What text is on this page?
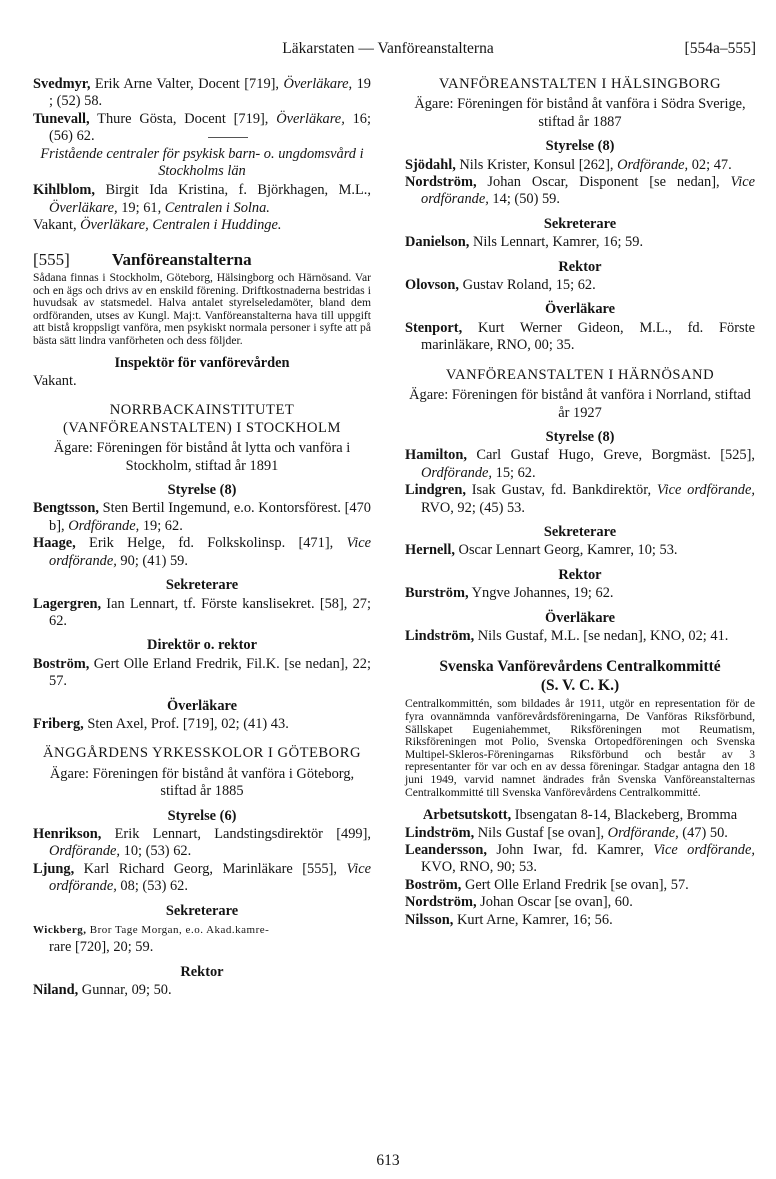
Läkarstaten — Vanföreanstalterna	[554a–555]

Svedmyr, Erik Arne Valter, Docent [719], Överläkare, 19 ; (52) 58.

Tunevall, Thure Gösta, Docent [719], Överläkare, 16; (56) 62.

Fristående centraler för psykisk barn- o. ungdomsvård i Stockholms län

Kihlblom, Birgit Ida Kristina, f. Björkhagen, M.L., Överläkare, 19; 61, Centralen i Solna.

Vakant, Överläkare, Centralen i Huddinge.

[555] Vanföreanstalterna

Sådana finnas i Stockholm, Göteborg, Hälsingborg och Härnösand. Var och en ägs och drivs av en enskild förening. Driftkostnaderna bestridas i huvudsak av statsmedel. Halva antalet styrelseledamöter, bland dem ordföranden, utses av Kungl. Maj:t. Vanföreanstalterna hava till uppgift att bistå kroppsligt vanföra, men psykiskt normala personer i syfte att på bästa sätt lindra vanförheten och dess följder.

Inspektör för vanförevården

Vakant.

NORRBACKAINSTITUTET (VANFÖREANSTALTEN) I STOCKHOLM

Ägare: Föreningen för bistånd åt lytta och vanföra i Stockholm, stiftad år 1891

Styrelse (8)

Bengtsson, Sten Bertil Ingemund, e.o. Kontorsförest. [470 b], Ordförande, 19; 62.

Haage, Erik Helge, fd. Folkskolinsp. [471], Vice ordförande, 90; (41) 59.

Sekreterare

Lagergren, Ian Lennart, tf. Förste kanslisekret. [58], 27; 62.

Direktör o. rektor

Boström, Gert Olle Erland Fredrik, Fil.K. [se nedan], 22; 57.

Överläkare

Friberg, Sten Axel, Prof. [719], 02; (41) 43.

ÄNGGÅRDENS YRKESSKOLOR I GÖTEBORG

Ägare: Föreningen för bistånd åt vanföra i Göteborg, stiftad år 1885

Styrelse (6)

Henrikson, Erik Lennart, Landstingsdirektör [499], Ordförande, 10; (53) 62.

Ljung, Karl Richard Georg, Marinläkare [555], Vice ordförande, 08; (53) 62.

Sekreterare

Wickberg, Bror Tage Morgan, e.o. Akad.kamre-
rare [720], 20; 59.

Rektor

Niland, Gunnar, 09; 50.

VANFÖREANSTALTEN I HÄLSINGBORG

Ägare: Föreningen för bistånd åt vanföra i Södra Sverige, stiftad år 1887

Styrelse (8)

Sjödahl, Nils Krister, Konsul [262], Ordförande, 02; 47.

Nordström, Johan Oscar, Disponent [se nedan], Vice ordförande, 14; (50) 59.

Sekreterare

Danielson, Nils Lennart, Kamrer, 16; 59.

Rektor

Olovson, Gustav Roland, 15; 62.

Överläkare

Stenport, Kurt Werner Gideon, M.L., fd. Förste marinläkare, RNO, 00; 35.

VANFÖREANSTALTEN I HÄRNÖSAND

Ägare: Föreningen för bistånd åt vanföra i Norrland, stiftad år 1927

Styrelse (8)

Hamilton, Carl Gustaf Hugo, Greve, Borgmäst. [525], Ordförande, 15; 62.

Lindgren, Isak Gustav, fd. Bankdirektör, Vice ordförande, RVO, 92; (45) 53.

Sekreterare

Hernell, Oscar Lennart Georg, Kamrer, 10; 53.

Rektor

Burström, Yngve Johannes, 19; 62.

Överläkare

Lindström, Nils Gustaf, M.L. [se nedan], KNO, 02; 41.

Svenska Vanförevårdens Centralkommitté
(S. V. C. K.)

Centralkommittén, som bildades år 1911, utgör en representation för de fyra ovannämnda vanförevårdsföreningarna, De Vanföras Riksförbund, Sällskapet Eugeniahemmet, Riksföreningen mot Reumatism, Riksföreningen mot Polio, Svenska Ortopedföreningen och Svenska Multipel-Skleros-Föreningarnas Riksförbund och består av 3 representanter för var och en av dessa föreningar. Stadgar antagna den 18 juni 1949, varvid namnet ändrades från Svenska Vanföreanstalternas Centralkommitté till Svenska Vanförevårdens Centralkommitté.

Arbetsutskott, Ibsengatan 8-14, Blackeberg, Bromma

Lindström, Nils Gustaf [se ovan], Ordförande, (47) 50.

Leandersson, John Iwar, fd. Kamrer, Vice ordförande, KVO, RNO, 90; 53.

Boström, Gert Olle Erland Fredrik [se ovan], 57.

Nordström, Johan Oscar [se ovan], 60.

Nilsson, Kurt Arne, Kamrer, 16; 56.

613
